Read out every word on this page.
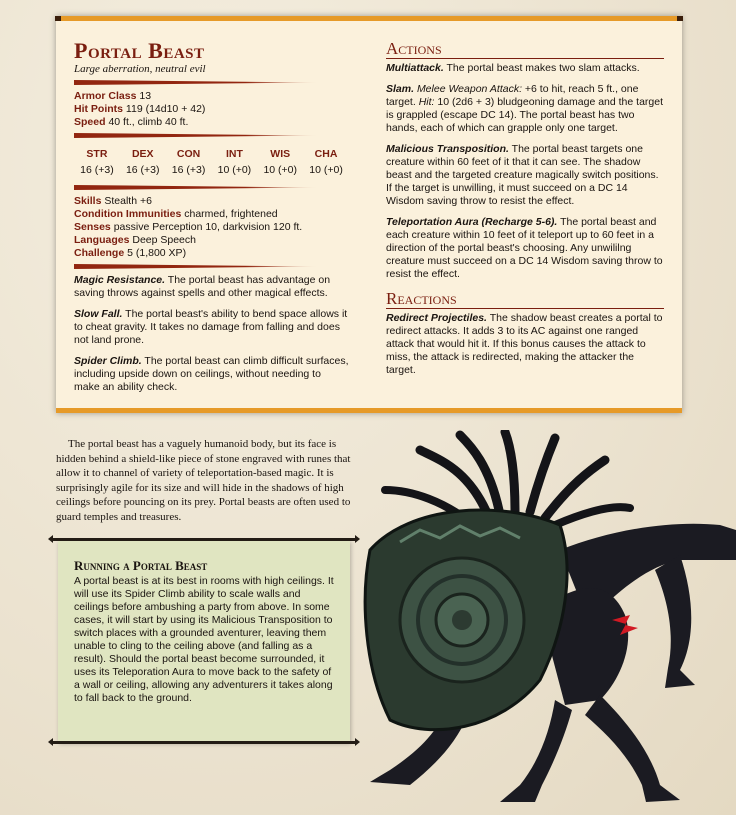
Portal Beast
Large aberration, neutral evil
Armor Class 13
Hit Points 119 (14d10 + 42)
Speed 40 ft., climb 40 ft.
STR
16 (+3)
DEX
16 (+3)
CON
16 (+3)
INT
10 (+0)
WIS
10 (+0)
CHA
10 (+0)
Skills Stealth +6
Condition Immunities charmed, frightened
Senses passive Perception 10, darkvision 120 ft.
Languages Deep Speech
Challenge 5 (1,800 XP)
Magic Resistance. The portal beast has advantage on saving throws against spells and other magical effects.
Slow Fall. The portal beast's ability to bend space allows it to cheat gravity. It takes no damage from falling and does not land prone.
Spider Climb. The portal beast can climb difficult surfaces, including upside down on ceilings, without needing to make an ability check.
Actions
Multiattack. The portal beast makes two slam attacks.
Slam. Melee Weapon Attack: +6 to hit, reach 5 ft., one target. Hit: 10 (2d6 + 3) bludgeoning damage and the target is grappled (escape DC 14). The portal beast has two hands, each of which can grapple only one target.
Malicious Transposition. The portal beast targets one creature within 60 feet of it that it can see. The shadow beast and the targeted creature magically switch positions. If the target is unwilling, it must succeed on a DC 14 Wisdom saving throw to resist the effect.
Teleportation Aura (Recharge 5-6). The portal beast and each creature within 10 feet of it teleport up to 60 feet in a direction of the portal beast's choosing. Any unwililng creature must succeed on a DC 14 Wisdom saving throw to resist the effect.
Reactions
Redirect Projectiles. The shadow beast creates a portal to redirect attacks. It adds 3 to its AC against one ranged attack that would hit it. If this bonus causes the attack to miss, the attack is redirected, making the attacker the target.

The portal beast has a vaguely humanoid body, but its face is hidden behind a shield-like piece of stone engraved with runes that allow it to channel of variety of teleportation-based magic. It is surprisingly agile for its size and will hide in the shadows of high ceilings before pouncing on its prey. Portal beasts are often used to guard temples and treasures.

Running a Portal Beast
A portal beast is at its best in rooms with high ceilings. It will use its Spider Climb ability to scale walls and ceilings before ambushing a party from above. In some cases, it will start by using its Malicious Transposition to switch places with a grounded aventurer, leaving them unable to cling to the ceiling above (and falling as a result). Should the portal beast become surrounded, it uses its Teleporation Aura to move back to the safety of a wall or ceiling, allowing any adventurers it takes along to fall back to the ground.
